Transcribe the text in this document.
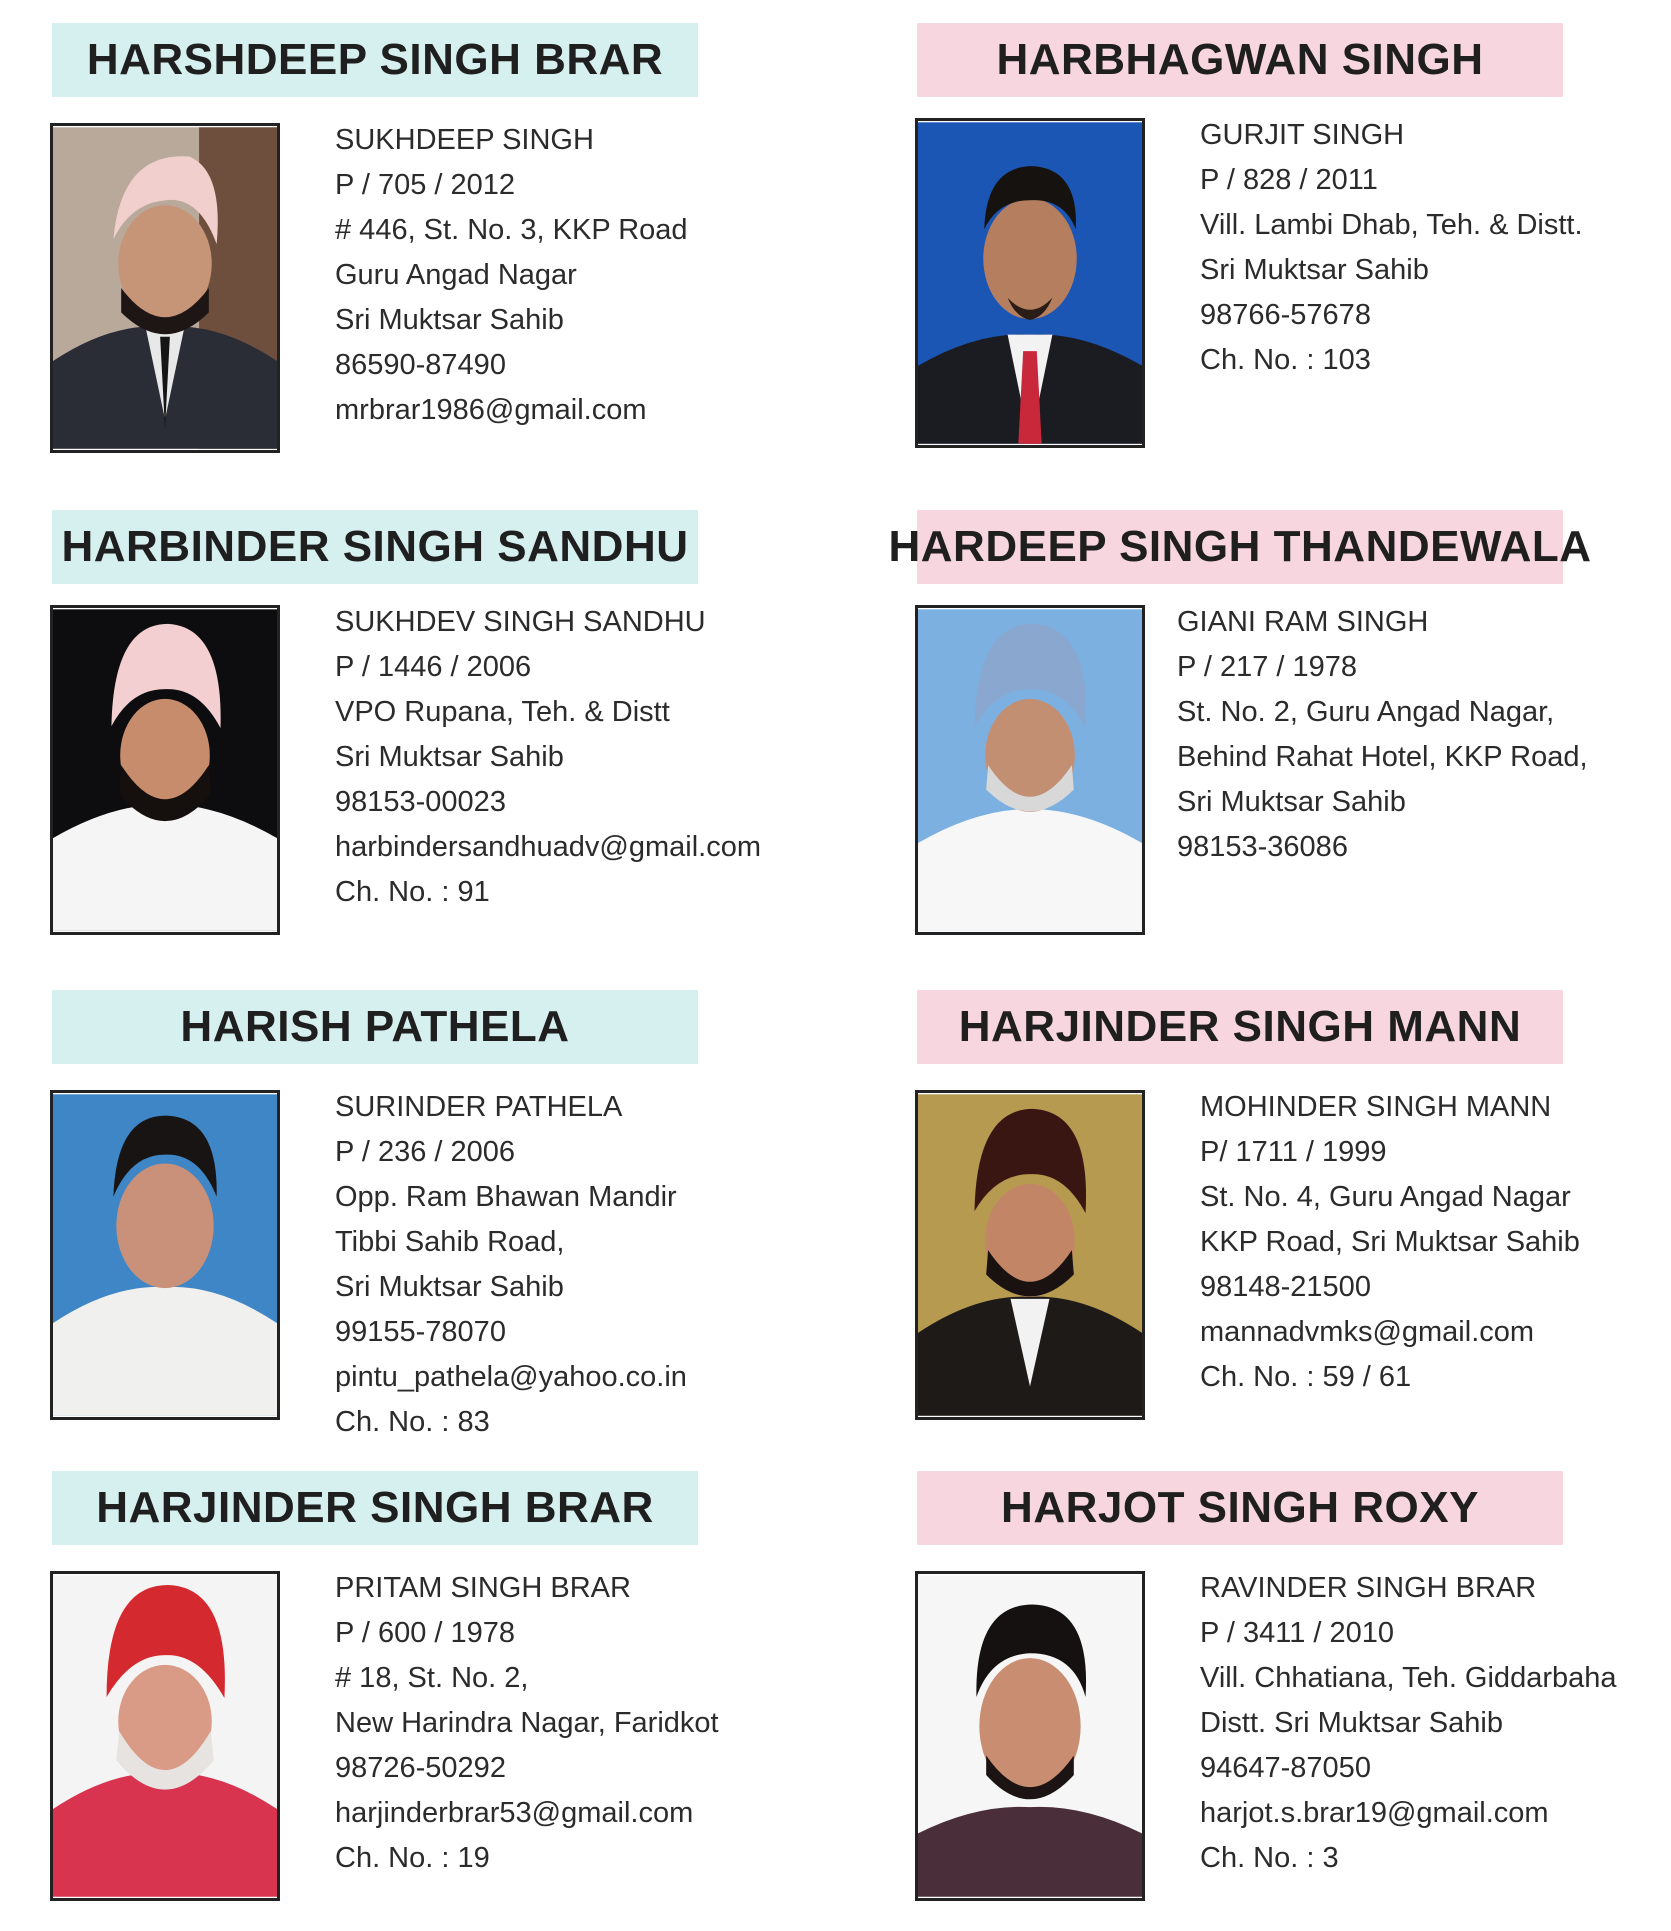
HARSHDEEP SINGH BRAR
SUKHDEEP SINGH
P / 705 / 2012
# 446, St. No. 3, KKP Road
Guru Angad Nagar
Sri Muktsar Sahib
86590-87490
mrbrar1986@gmail.com
HARBHAGWAN SINGH
GURJIT SINGH
P / 828 / 2011
Vill. Lambi Dhab, Teh. & Distt.
Sri Muktsar Sahib
98766-57678
Ch. No. : 103
HARBINDER SINGH SANDHU
SUKHDEV SINGH SANDHU
P / 1446 / 2006
VPO Rupana, Teh. & Distt
Sri Muktsar Sahib
98153-00023
harbindersandhuadv@gmail.com
Ch. No. : 91
HARDEEP SINGH THANDEWALA
GIANI RAM SINGH
P / 217 / 1978
St. No. 2, Guru Angad Nagar,
Behind Rahat Hotel, KKP Road,
Sri Muktsar Sahib
98153-36086
HARISH PATHELA
SURINDER PATHELA
P / 236 / 2006
Opp. Ram Bhawan Mandir
Tibbi Sahib Road,
Sri Muktsar Sahib
99155-78070
pintu_pathela@yahoo.co.in
Ch. No. : 83
HARJINDER SINGH MANN
MOHINDER SINGH MANN
P/ 1711 / 1999
St. No. 4, Guru Angad Nagar
KKP Road, Sri Muktsar Sahib
98148-21500
mannadvmks@gmail.com
Ch. No. : 59 / 61
HARJINDER SINGH BRAR
PRITAM SINGH BRAR
P / 600 / 1978
# 18, St. No. 2,
New Harindra Nagar, Faridkot
98726-50292
harjinderbrar53@gmail.com
Ch. No. : 19
HARJOT SINGH ROXY
RAVINDER SINGH BRAR
P / 3411 / 2010
Vill. Chhatiana, Teh. Giddarbaha
Distt. Sri Muktsar Sahib
94647-87050
harjot.s.brar19@gmail.com
Ch. No. : 3
